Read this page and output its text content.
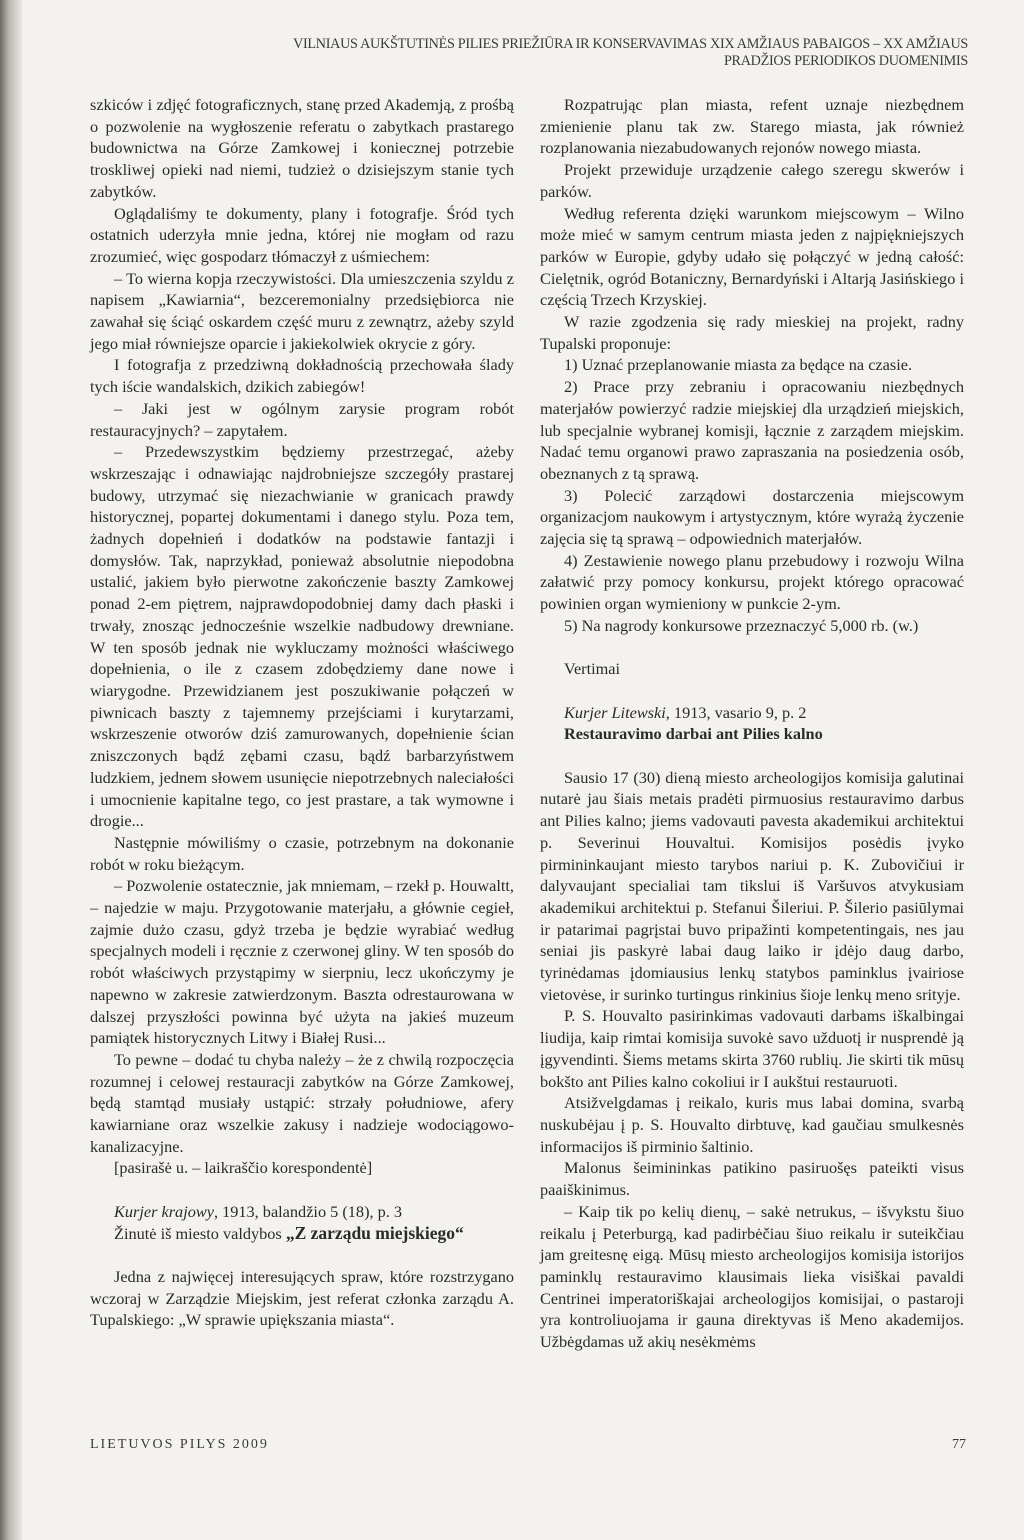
VILNIAUS AUKŠTUTINĖS PILIES PRIEŽIŪRA IR KONSERVAVIMAS XIX AMŽIAUS PABAIGOS – XX AMŽIAUS
PRADŽIOS PERIODIKOS DUOMENIMIS

szkiców i zdjęć fotograficznych, stanę przed Akademją, z prośbą o pozwolenie na wygłoszenie referatu o zabytkach prastarego budownictwa na Górze Zamkowej i koniecznej potrzebie troskliwej opieki nad niemi, tudzież o dzisiejszym stanie tych zabytków.

Oglądaliśmy te dokumenty, plany i fotografje. Śród tych ostatnich uderzyła mnie jedna, której nie mogłam od razu zrozumieć, więc gospodarz tłómaczył z uśmiechem:

– To wierna kopja rzeczywistości. Dla umieszczenia szyldu z napisem „Kawiarnia“, bezceremonialny przedsiębiorca nie zawahał się ściąć oskardem część muru z zewnątrz, ażeby szyld jego miał równiejsze oparcie i jakiekolwiek okrycie z góry.

I fotografja z przedziwną dokładnością przechowała ślady tych iście wandalskich, dzikich zabiegów!

– Jaki jest w ogólnym zarysie program robót restauracyjnych? – zapytałem.

– Przedewszystkim będziemy przestrzegać, ażeby wskrzeszając i odnawiając najdrobniejsze szczegóły prastarej budowy, utrzymać się niezachwianie w granicach prawdy historycznej, popartej dokumentami i danego stylu. Poza tem, żadnych dopełnień i dodatków na podstawie fantazji i domysłów. Tak, naprzykład, ponieważ absolutnie niepodobna ustalić, jakiem było pierwotne zakończenie baszty Zamkowej ponad 2-em piętrem, najprawdopodobniej damy dach płaski i trwały, znosząc jednocześnie wszelkie nadbudowy drewniane. W ten sposób jednak nie wykluczamy możności właściwego dopełnienia, o ile z czasem zdobędziemy dane nowe i wiarygodne. Przewidzianem jest poszukiwanie połączeń w piwnicach baszty z tajemnemy przejściami i kurytarzami, wskrzeszenie otworów dziś zamurowanych, dopełnienie ścian zniszczonych bądź zębami czasu, bądź barbarzyństwem ludzkiem, jednem słowem usunięcie niepotrzebnych naleciałości i umocnienie kapitalne tego, co jest prastare, a tak wymowne i drogie...

Następnie mówiliśmy o czasie, potrzebnym na dokonanie robót w roku bieżącym.

– Pozwolenie ostatecznie, jak mniemam, – rzekł p. Houwaltt, – najedzie w maju. Przygotowanie materjału, a głównie cegieł, zajmie dużo czasu, gdyż trzeba je będzie wyrabiać według specjalnych modeli i ręcznie z czerwonej gliny. W ten sposób do robót właściwych przystąpimy w sierpniu, lecz ukończymy je napewno w zakresie zatwierdzonym. Baszta odrestaurowana w dalszej przyszłości powinna być użyta na jakieś muzeum pamiątek historycznych Litwy i Białej Rusi...

To pewne – dodać tu chyba należy – że z chwilą rozpoczęcia rozumnej i celowej restauracji zabytków na Górze Zamkowej, będą stamtąd musiały ustąpić: strzały południowe, afery kawiarniane oraz wszelkie zakusy i nadzieje wodociągowo-kanalizacyjne.

[pasirašė u. – laikraščio korespondentė]

Kurjer krajowy, 1913, balandžio 5 (18), p. 3

Žinutė iš miesto valdybos „Z zarządu miejskiego“

Jedna z najwięcej interesujących spraw, które rozstrzygano wczoraj w Zarządzie Miejskim, jest referat członka zarządu A. Tupalskiego: „W sprawie upiększania miasta“.

Rozpatrując plan miasta, refent uznaje niezbędnem zmienienie planu tak zw. Starego miasta, jak również rozplanowania niezabudowanych rejonów nowego miasta.

Projekt przewiduje urządzenie całego szeregu skwerów i parków.

Według referenta dzięki warunkom miejscowym – Wilno może mieć w samym centrum miasta jeden z najpiękniejszych parków w Europie, gdyby udało się połączyć w jedną całość: Cielętnik, ogród Botaniczny, Bernardyński i Altarją Jasińskiego i częścią Trzech Krzyskiej.

W razie zgodzenia się rady mieskiej na projekt, radny Tupalski proponuje:

1) Uznać przeplanowanie miasta za będące na czasie.
2) Prace przy zebraniu i opracowaniu niezbędnych materjałów powierzyć radzie miejskiej dla urządzień miejskich, lub specjalnie wybranej komisji, łącznie z zarządem miejskim. Nadać temu organowi prawo zapraszania na posiedzenia osób, obeznanych z tą sprawą.
3) Polecić zarządowi dostarczenia miejscowym organizacjom naukowym i artystycznym, które wyrażą życzenie zajęcia się tą sprawą – odpowiednich materjałów.
4) Zestawienie nowego planu przebudowy i rozwoju Wilna załatwić przy pomocy konkursu, projekt którego opracować powinien organ wymieniony w punkcie 2-ym.
5) Na nagrody konkursowe przeznaczyć 5,000 rb. (w.)

Vertimai

Kurjer Litewski, 1913, vasario 9, p. 2

Restauravimo darbai ant Pilies kalno

Sausio 17 (30) dieną miesto archeologijos komisija galutinai nutarė jau šiais metais pradėti pirmuosius restauravimo darbus ant Pilies kalno; jiems vadovauti pavesta akademikui architektui p. Severinui Houvaltui. Komisijos posėdis įvyko pirmininkaujant miesto tarybos nariui p. K. Zubovičiui ir dalyvaujant specialiai tam tikslui iš Varšuvos atvykusiam akademikui architektui p. Stefanui Šileriui. P. Šilerio pasiūlymai ir patarimai pagrįstai buvo pripažinti kompetentingais, nes jau seniai jis paskyrė labai daug laiko ir įdėjo daug darbo, tyrinėdamas įdomiausius lenkų statybos paminklus įvairiose vietovėse, ir surinko turtingus rinkinius šioje lenkų meno srityje.

P. S. Houvalto pasirinkimas vadovauti darbams iškalbingai liudija, kaip rimtai komisija suvokė savo užduotį ir nusprendė ją įgyvendinti. Šiems metams skirta 3760 rublių. Jie skirti tik mūsų bokšto ant Pilies kalno cokoliui ir I aukštui restauruoti.

Atsižvelgdamas į reikalo, kuris mus labai domina, svarbą nuskubėjau į p. S. Houvalto dirbtuvę, kad gaučiau smulkesnės informacijos iš pirminio šaltinio.

Malonus šeimininkas patikino pasiruošęs pateikti visus paaiškinimus.

– Kaip tik po kelių dienų, – sakė netrukus, – išvykstu šiuo reikalu į Peterburgą, kad padirbėčiau šiuo reikalu ir suteikčiau jam greitesnę eigą. Mūsų miesto archeologijos komisija istorijos paminklų restauravimo klausimais lieka visiškai pavaldi Centrinei imperatoriškajai archeologijos komisijai, o pastaroji yra kontroliuojama ir gauna direktyvas iš Meno akademijos. Užbėgdamas už akių nesėkmėms

LIETUVOS PILYS 2009	77
